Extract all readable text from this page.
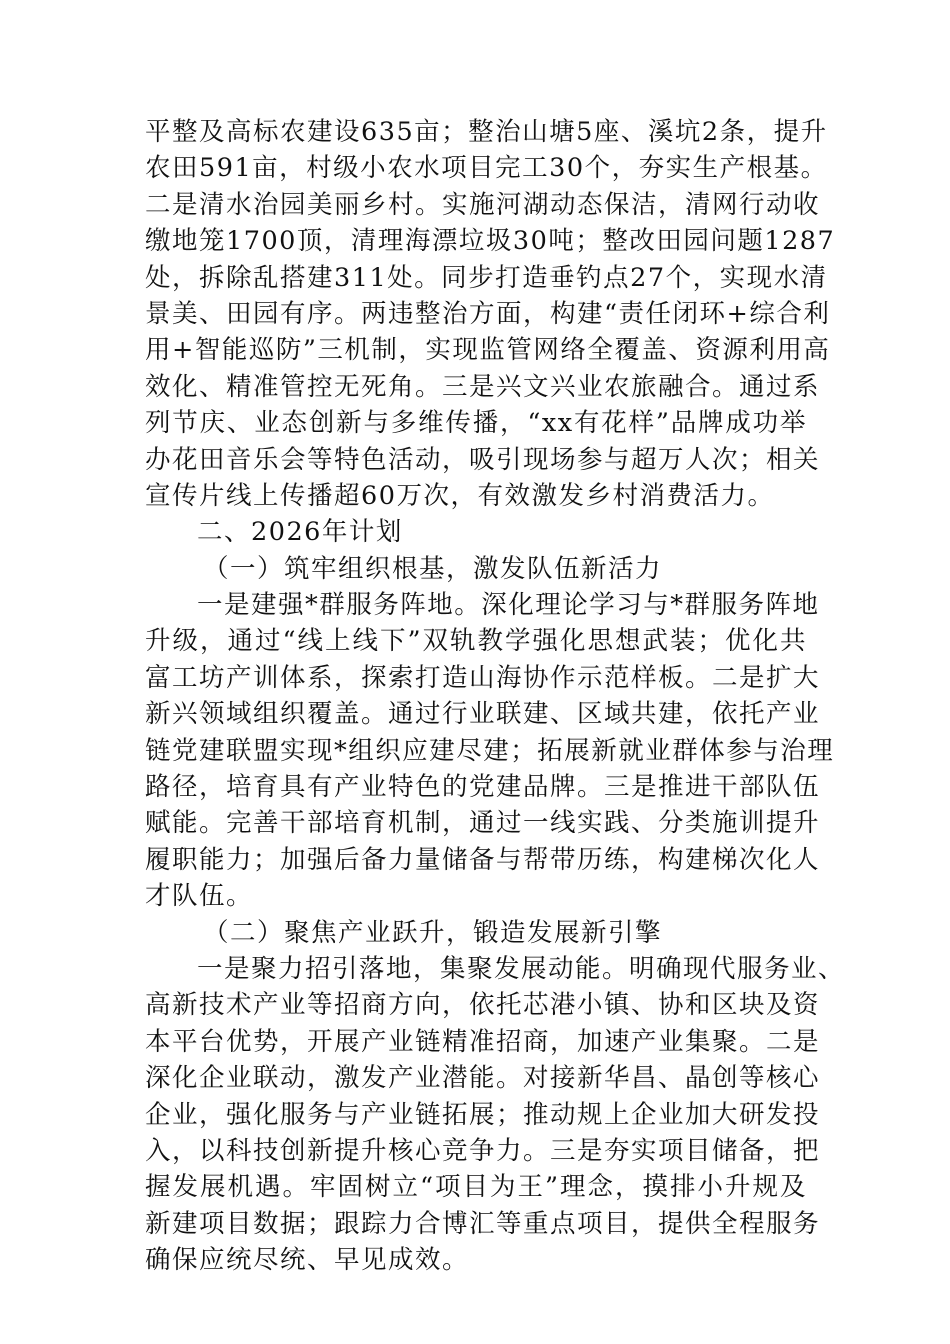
平整及高标农建设635亩；整治山塘5座、溪坑2条，提升
农田591亩，村级小农水项目完工30个，夯实生产根基。
二是清水治园美丽乡村。实施河湖动态保洁，清网行动收
缴地笼1700顶，清理海漂垃圾30吨；整改田园问题1287
处，拆除乱搭建311处。同步打造垂钓点27个，实现水清
景美、田园有序。两违整治方面，构建“责任闭环+综合利
用+智能巡防”三机制，实现监管网络全覆盖、资源利用高
效化、精准管控无死角。三是兴文兴业农旅融合。通过系
列节庆、业态创新与多维传播，“xx有花样”品牌成功举
办花田音乐会等特色活动，吸引现场参与超万人次；相关
宣传片线上传播超60万次，有效激发乡村消费活力。
二、2026年计划
（一）筑牢组织根基，激发队伍新活力
一是建强*群服务阵地。深化理论学习与*群服务阵地
升级，通过“线上线下”双轨教学强化思想武装；优化共
富工坊产训体系，探索打造山海协作示范样板。二是扩大
新兴领域组织覆盖。通过行业联建、区域共建，依托产业
链党建联盟实现*组织应建尽建；拓展新就业群体参与治理
路径，培育具有产业特色的党建品牌。三是推进干部队伍
赋能。完善干部培育机制，通过一线实践、分类施训提升
履职能力；加强后备力量储备与帮带历练，构建梯次化人
才队伍。
（二）聚焦产业跃升，锻造发展新引擎
一是聚力招引落地，集聚发展动能。明确现代服务业、
高新技术产业等招商方向，依托芯港小镇、协和区块及资
本平台优势，开展产业链精准招商，加速产业集聚。二是
深化企业联动，激发产业潜能。对接新华昌、晶创等核心
企业，强化服务与产业链拓展；推动规上企业加大研发投
入，以科技创新提升核心竞争力。三是夯实项目储备，把
握发展机遇。牢固树立“项目为王”理念，摸排小升规及
新建项目数据；跟踪力合博汇等重点项目，提供全程服务
确保应统尽统、早见成效。
